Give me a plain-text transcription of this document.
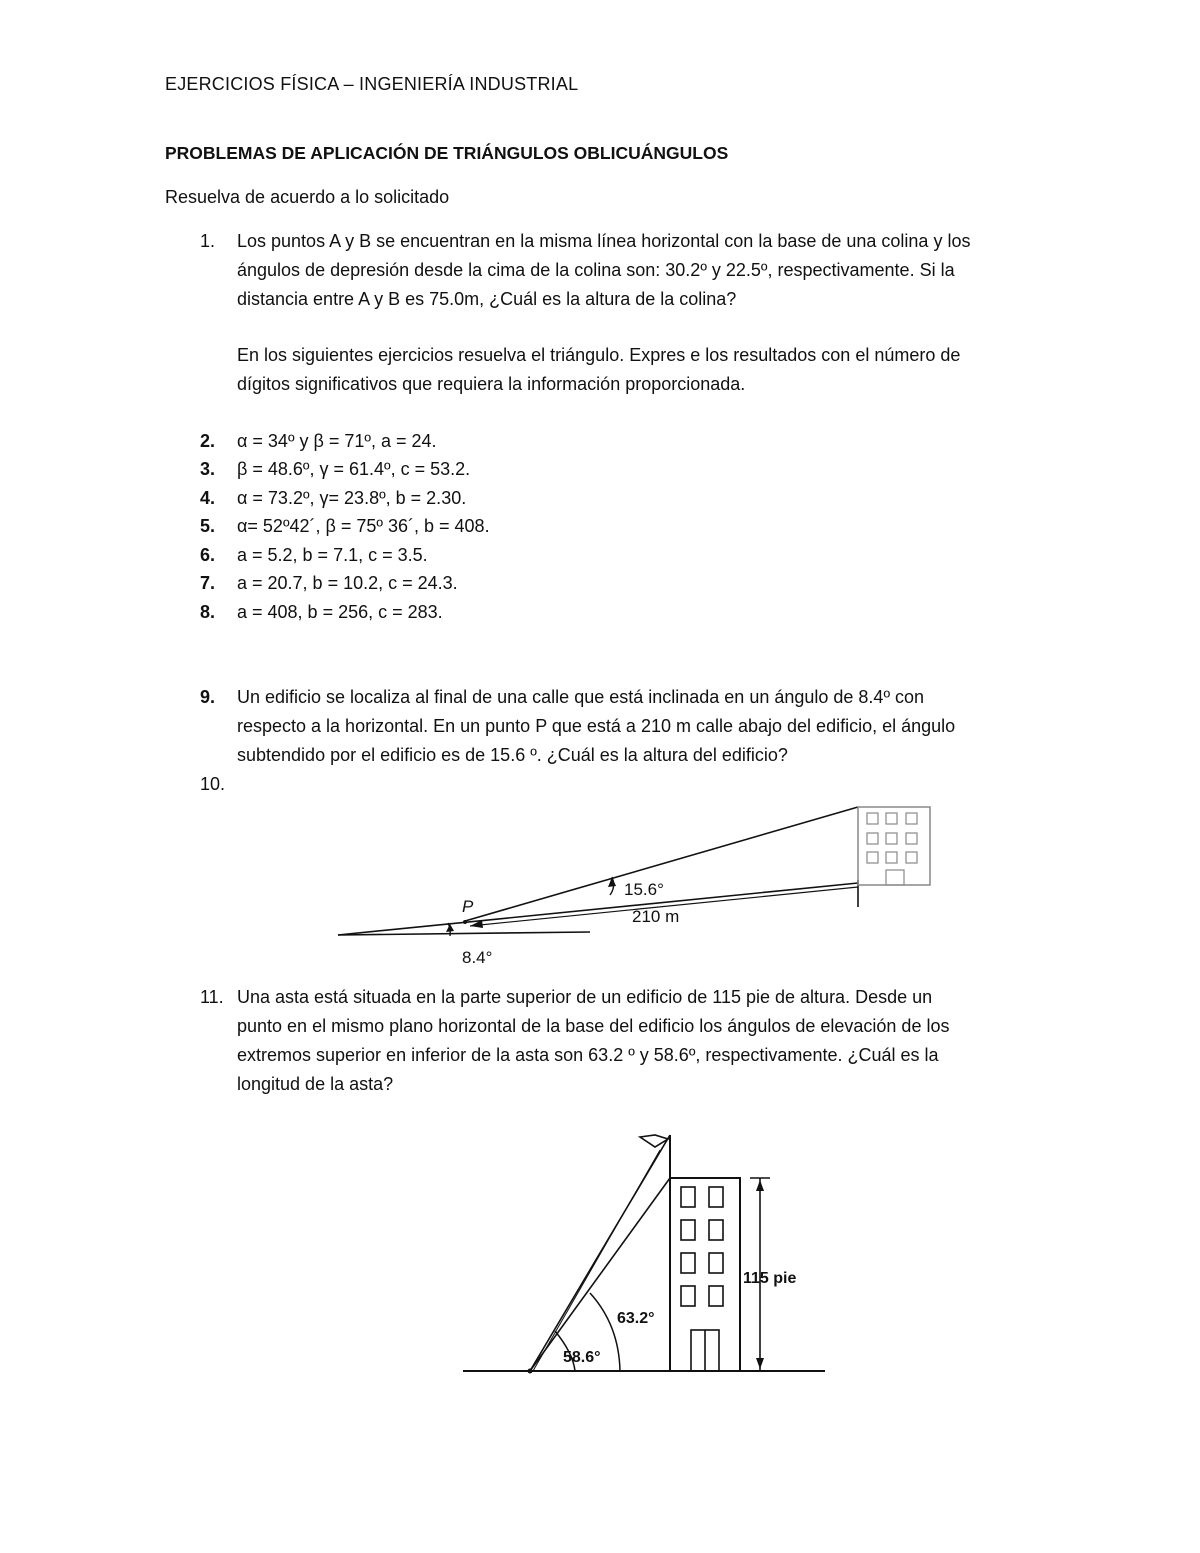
EJERCICIOS FÍSICA – INGENIERÍA INDUSTRIAL
PROBLEMAS DE APLICACIÓN DE TRIÁNGULOS OBLICUÁNGULOS
Resuelva de acuerdo a lo solicitado
1. Los puntos A y B se encuentran en la misma línea horizontal con la base de una colina y los
ángulos de depresión desde la cima de la colina son: 30.2º y 22.5º, respectivamente. Si la
distancia entre A y B es 75.0m, ¿Cuál es la altura de la colina?
En los siguientes ejercicios resuelva el triángulo. Expres e los resultados con el número de
dígitos significativos que requiera la información proporcionada.
2. α = 34º y β = 71º, a = 24.
3. β = 48.6º, γ = 61.4º, c = 53.2.
4. α = 73.2º, γ= 23.8º, b = 2.30.
5. α= 52º42´, β = 75º 36´, b = 408.
6. a = 5.2, b = 7.1, c = 3.5.
7. a = 20.7, b = 10.2, c = 24.3.
8. a = 408, b = 256, c = 283.
9. Un edificio se localiza al final de una calle que está inclinada en un ángulo de 8.4º con
respecto a la horizontal. En un punto P que está a 210 m calle abajo del edificio, el ángulo
subtendido por el edificio es de 15.6 º. ¿Cuál es la altura del edificio?
10.
P
15.6°
210 m
8.4°
11. Una asta está situada en la parte superior de un edificio de 115 pie de altura. Desde un
punto en el mismo plano horizontal de la base del edificio los ángulos de elevación de los
extremos superior en inferior de la asta son 63.2 º y 58.6º, respectivamente. ¿Cuál es la
longitud de la asta?
115 pie
63.2°
58.6°
